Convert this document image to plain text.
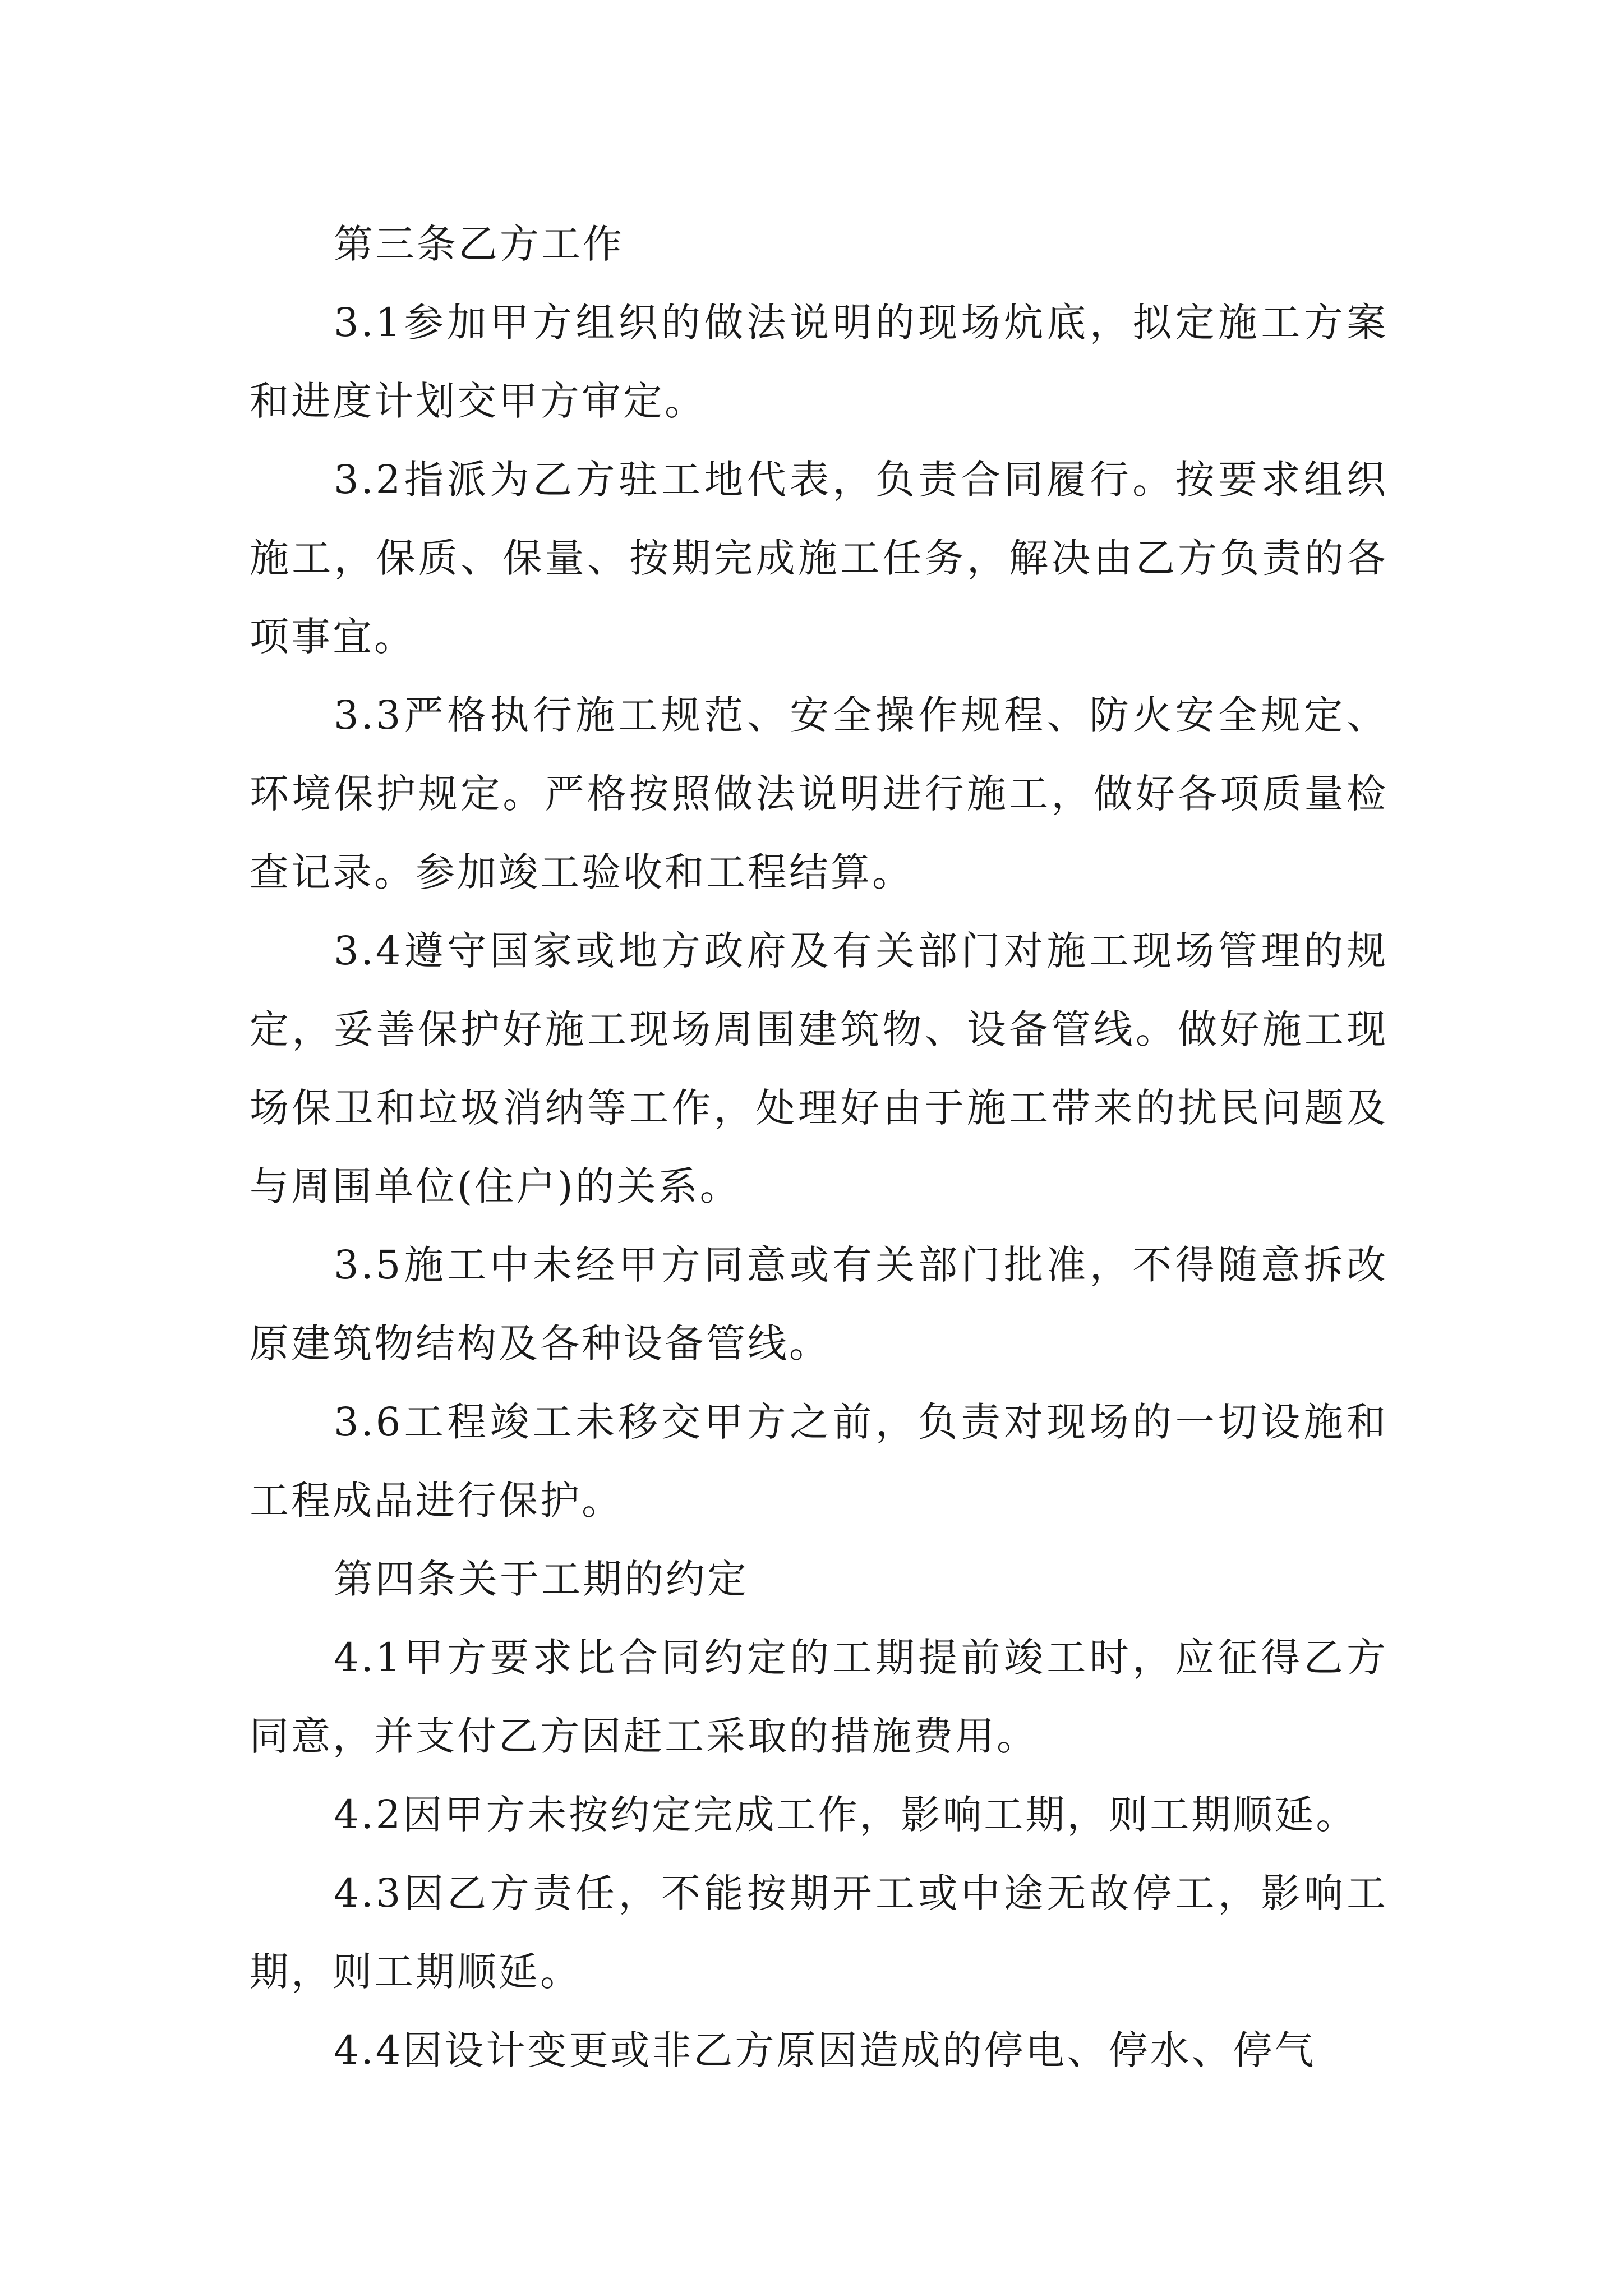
第三条乙方工作

3.1参加甲方组织的做法说明的现场炕底，拟定施工方案和进度计划交甲方审定。

3.2指派为乙方驻工地代表，负责合同履行。按要求组织施工，保质、保量、按期完成施工任务，解决由乙方负责的各项事宜。

3.3严格执行施工规范、安全操作规程、防火安全规定、环境保护规定。严格按照做法说明进行施工，做好各项质量检查记录。参加竣工验收和工程结算。

3.4遵守国家或地方政府及有关部门对施工现场管理的规定，妥善保护好施工现场周围建筑物、设备管线。做好施工现场保卫和垃圾消纳等工作，处理好由于施工带来的扰民问题及与周围单位(住户)的关系。

3.5施工中未经甲方同意或有关部门批准，不得随意拆改原建筑物结构及各种设备管线。

3.6工程竣工未移交甲方之前，负责对现场的一切设施和工程成品进行保护。

第四条关于工期的约定

4.1甲方要求比合同约定的工期提前竣工时，应征得乙方同意，并支付乙方因赶工采取的措施费用。

4.2因甲方未按约定完成工作，影响工期，则工期顺延。

4.3因乙方责任，不能按期开工或中途无故停工，影响工期，则工期顺延。

4.4因设计变更或非乙方原因造成的停电、停水、停气
